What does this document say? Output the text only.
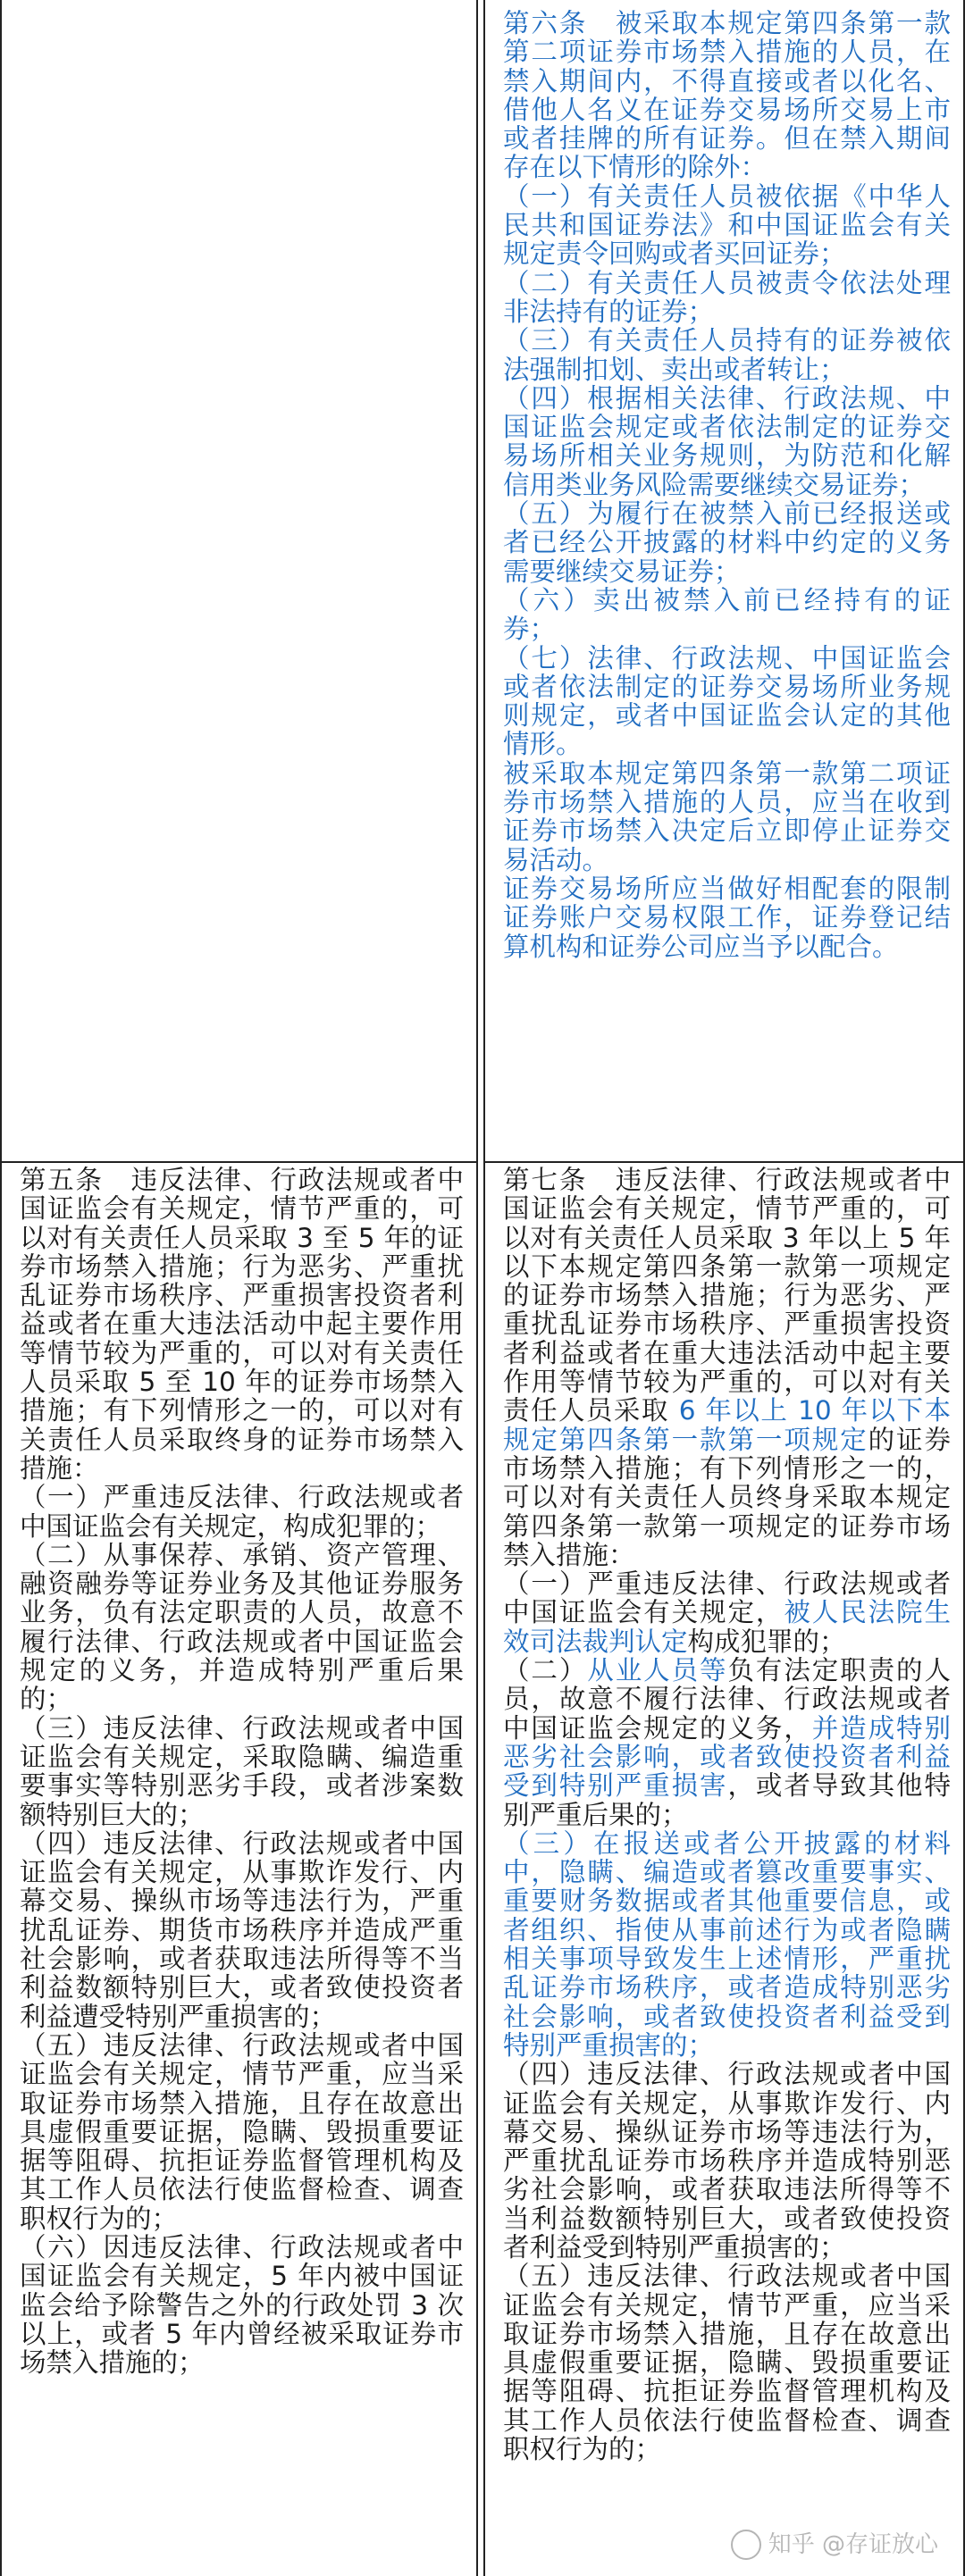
第六条　被采取本规定第四条第一款第二项证券市场禁入措施的人员，在禁入期间内，不得直接或者以化名、借他人名义在证券交易场所交易上市或者挂牌的所有证券。但在禁入期间存在以下情形的除外：

（一）有关责任人员被依据《中华人民共和国证券法》和中国证监会有关规定责令回购或者买回证券；

（二）有关责任人员被责令依法处理非法持有的证券；

（三）有关责任人员持有的证券被依法强制扣划、卖出或者转让；

（四）根据相关法律、行政法规、中国证监会规定或者依法制定的证券交易场所相关业务规则，为防范和化解信用类业务风险需要继续交易证券；

（五）为履行在被禁入前已经报送或者已经公开披露的材料中约定的义务需要继续交易证券；

（六）卖出被禁入前已经持有的证券；

（七）法律、行政法规、中国证监会或者依法制定的证券交易场所业务规则规定，或者中国证监会认定的其他情形。

被采取本规定第四条第一款第二项证券市场禁入措施的人员，应当在收到证券市场禁入决定后立即停止证券交易活动。

证券交易场所应当做好相配套的限制证券账户交易权限工作，证券登记结算机构和证券公司应当予以配合。

第五条　违反法律、行政法规或者中国证监会有关规定，情节严重的，可以对有关责任人员采取 3 至 5 年的证券市场禁入措施；行为恶劣、严重扰乱证券市场秩序、严重损害投资者利益或者在重大违法活动中起主要作用等情节较为严重的，可以对有关责任人员采取 5 至 10 年的证券市场禁入措施；有下列情形之一的，可以对有关责任人员采取终身的证券市场禁入措施：

（一）严重违反法律、行政法规或者中国证监会有关规定，构成犯罪的；

（二）从事保荐、承销、资产管理、融资融券等证券业务及其他证券服务业务，负有法定职责的人员，故意不履行法律、行政法规或者中国证监会规定的义务，并造成特别严重后果的；

（三）违反法律、行政法规或者中国证监会有关规定，采取隐瞒、编造重要事实等特别恶劣手段，或者涉案数额特别巨大的；

（四）违反法律、行政法规或者中国证监会有关规定，从事欺诈发行、内幕交易、操纵市场等违法行为，严重扰乱证券、期货市场秩序并造成严重社会影响，或者获取违法所得等不当利益数额特别巨大，或者致使投资者利益遭受特别严重损害的；

（五）违反法律、行政法规或者中国证监会有关规定，情节严重，应当采取证券市场禁入措施，且存在故意出具虚假重要证据，隐瞒、毁损重要证据等阻碍、抗拒证券监督管理机构及其工作人员依法行使监督检查、调查职权行为的；

（六）因违反法律、行政法规或者中国证监会有关规定，5 年内被中国证监会给予除警告之外的行政处罚 3 次以上，或者 5 年内曾经被采取证券市场禁入措施的；

第七条　违反法律、行政法规或者中国证监会有关规定，情节严重的，可以对有关责任人员采取 3 年以上 5 年以下本规定第四条第一款第一项规定的证券市场禁入措施；行为恶劣、严重扰乱证券市场秩序、严重损害投资者利益或者在重大违法活动中起主要作用等情节较为严重的，可以对有关责任人员采取 6 年以上 10 年以下本规定第四条第一款第一项规定的证券市场禁入措施；有下列情形之一的，可以对有关责任人员终身采取本规定第四条第一款第一项规定的证券市场禁入措施：

（一）严重违反法律、行政法规或者中国证监会有关规定，被人民法院生效司法裁判认定构成犯罪的；

（二）从业人员等负有法定职责的人员，故意不履行法律、行政法规或者中国证监会规定的义务，并造成特别恶劣社会影响，或者致使投资者利益受到特别严重损害，或者导致其他特别严重后果的；

（三）在报送或者公开披露的材料中，隐瞒、编造或者篡改重要事实、重要财务数据或者其他重要信息，或者组织、指使从事前述行为或者隐瞒相关事项导致发生上述情形，严重扰乱证券市场秩序，或者造成特别恶劣社会影响，或者致使投资者利益受到特别严重损害的；

（四）违反法律、行政法规或者中国证监会有关规定，从事欺诈发行、内幕交易、操纵证券市场等违法行为，严重扰乱证券市场秩序并造成特别恶劣社会影响，或者获取违法所得等不当利益数额特别巨大，或者致使投资者利益受到特别严重损害的；

（五）违反法律、行政法规或者中国证监会有关规定，情节严重，应当采取证券市场禁入措施，且存在故意出具虚假重要证据，隐瞒、毁损重要证据等阻碍、抗拒证券监督管理机构及其工作人员依法行使监督检查、调查职权行为的；

知乎 @存证放心
